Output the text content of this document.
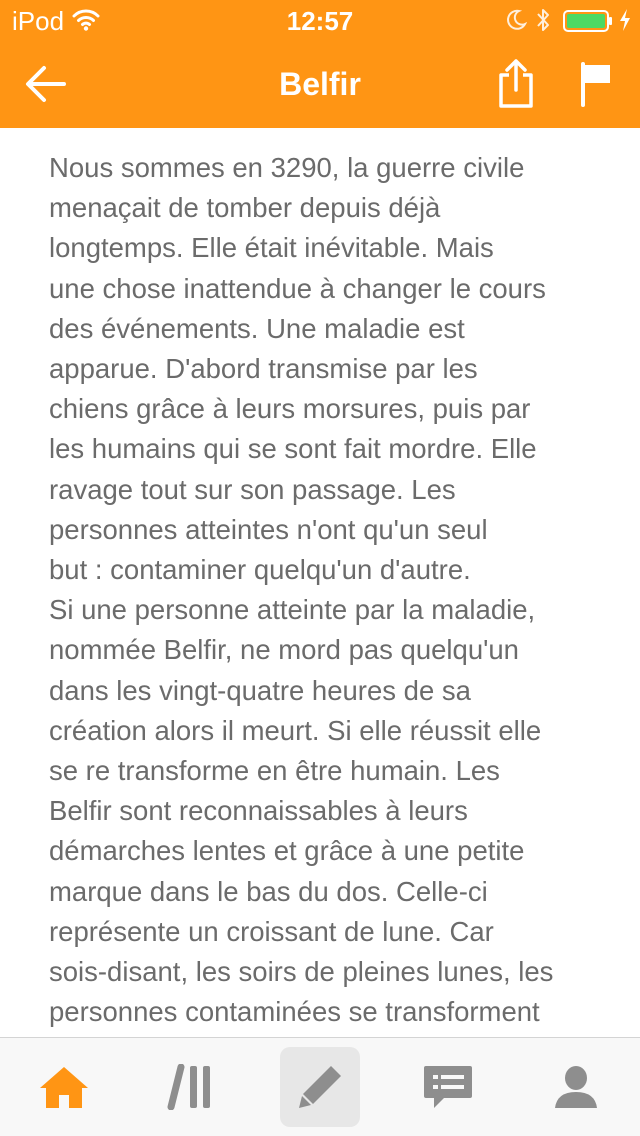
iPod	12:57
Belfir

Nous sommes en 3290, la guerre civile
menaçait de tomber depuis déjà
longtemps. Elle était inévitable. Mais
une chose inattendue à changer le cours
des événements. Une maladie est
apparue. D'abord transmise par les
chiens grâce à leurs morsures, puis par
les humains qui se sont fait mordre. Elle
ravage tout sur son passage. Les
personnes atteintes n'ont qu'un seul
but : contaminer quelqu'un d'autre.
Si une personne atteinte par la maladie,
nommée Belfir, ne mord pas quelqu'un
dans les vingt-quatre heures de sa
création alors il meurt. Si elle réussit elle
se re transforme en être humain. Les
Belfir sont reconnaissables à leurs
démarches lentes et grâce à une petite
marque dans le bas du dos. Celle-ci
représente un croissant de lune. Car
sois-disant, les soirs de pleines lunes, les
personnes contaminées se transforment
